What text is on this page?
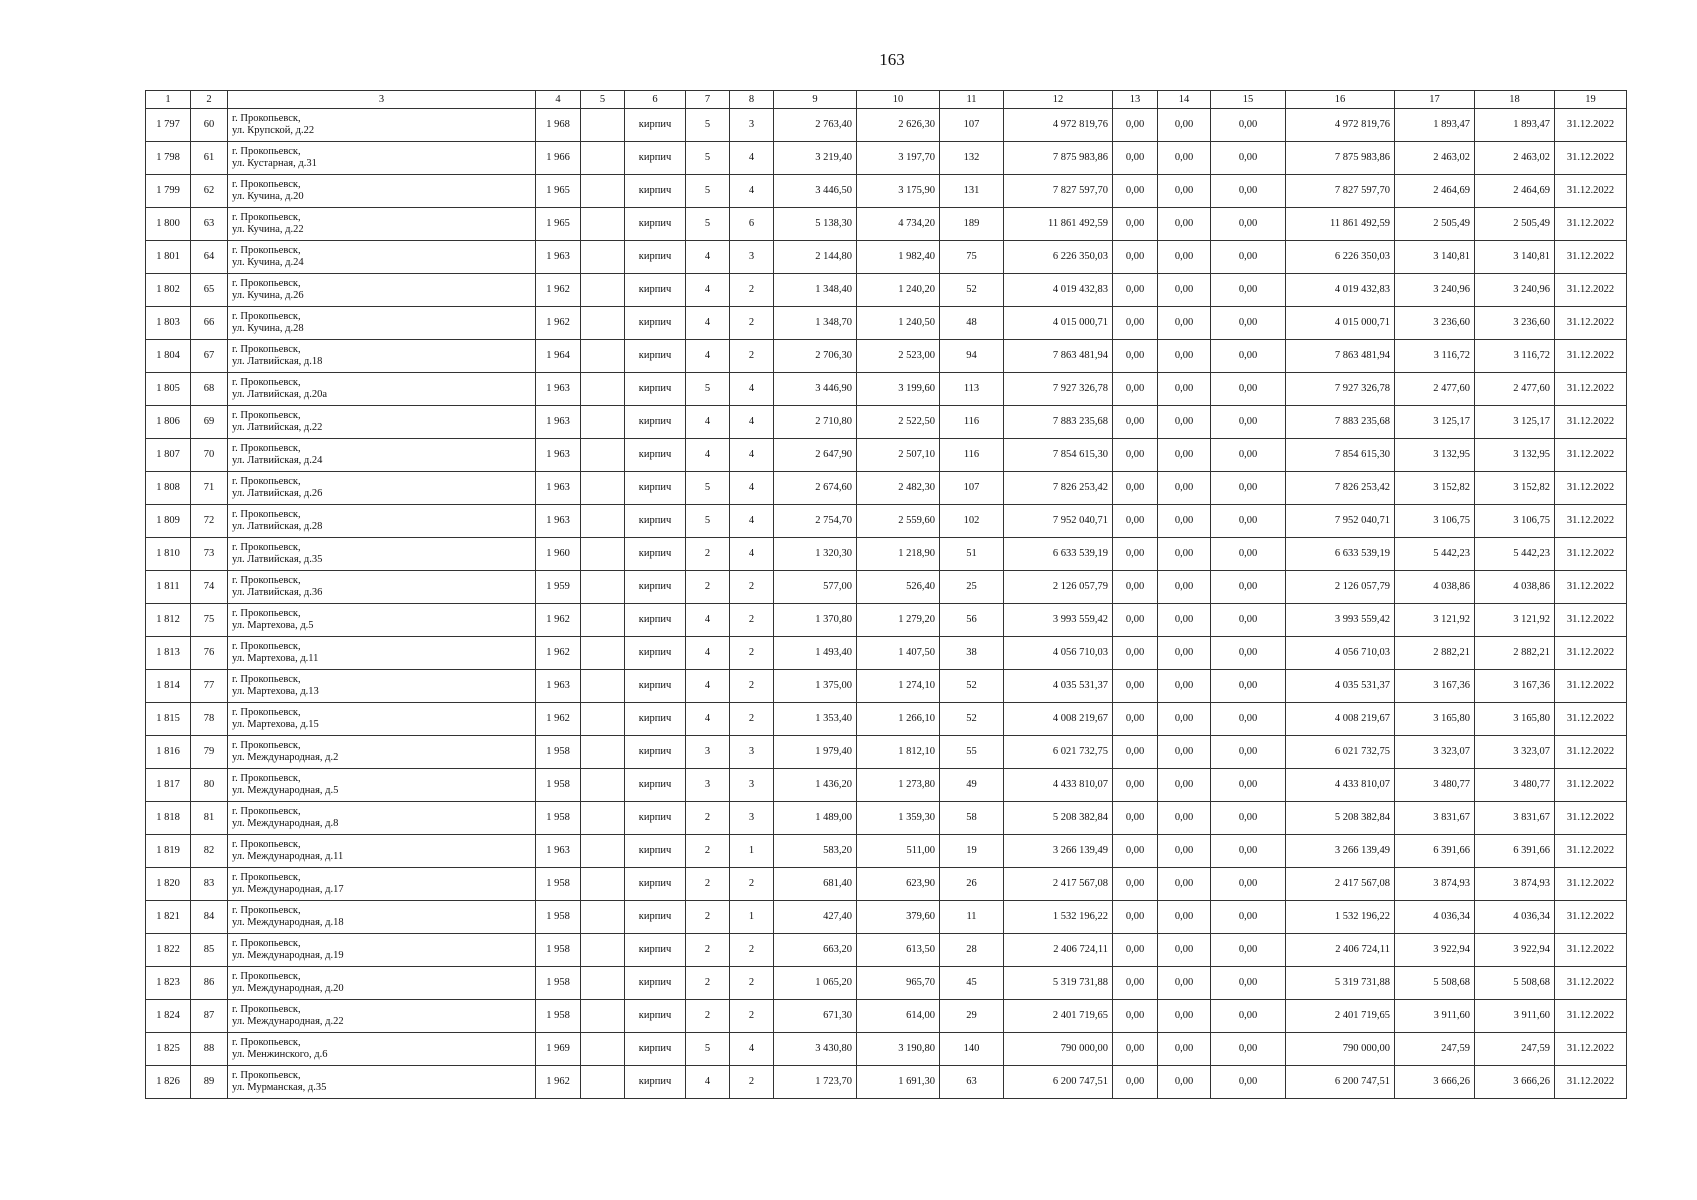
163
1	2	3	4	5	6	7	8	9	10	11	12	13	14	15	16	17	18	19
1 797	60	г. Прокопьевск,
ул. Крупской, д.22	1 968		кирпич	5	3	2 763,40	2 626,30	107	4 972 819,76	0,00	0,00	0,00	4 972 819,76	1 893,47	1 893,47	31.12.2022
1 798	61	г. Прокопьевск,
ул. Кустарная, д.31	1 966		кирпич	5	4	3 219,40	3 197,70	132	7 875 983,86	0,00	0,00	0,00	7 875 983,86	2 463,02	2 463,02	31.12.2022
1 799	62	г. Прокопьевск,
ул. Кучина, д.20	1 965		кирпич	5	4	3 446,50	3 175,90	131	7 827 597,70	0,00	0,00	0,00	7 827 597,70	2 464,69	2 464,69	31.12.2022
1 800	63	г. Прокопьевск,
ул. Кучина, д.22	1 965		кирпич	5	6	5 138,30	4 734,20	189	11 861 492,59	0,00	0,00	0,00	11 861 492,59	2 505,49	2 505,49	31.12.2022
1 801	64	г. Прокопьевск,
ул. Кучина, д.24	1 963		кирпич	4	3	2 144,80	1 982,40	75	6 226 350,03	0,00	0,00	0,00	6 226 350,03	3 140,81	3 140,81	31.12.2022
1 802	65	г. Прокопьевск,
ул. Кучина, д.26	1 962		кирпич	4	2	1 348,40	1 240,20	52	4 019 432,83	0,00	0,00	0,00	4 019 432,83	3 240,96	3 240,96	31.12.2022
1 803	66	г. Прокопьевск,
ул. Кучина, д.28	1 962		кирпич	4	2	1 348,70	1 240,50	48	4 015 000,71	0,00	0,00	0,00	4 015 000,71	3 236,60	3 236,60	31.12.2022
1 804	67	г. Прокопьевск,
ул. Латвийская, д.18	1 964		кирпич	4	2	2 706,30	2 523,00	94	7 863 481,94	0,00	0,00	0,00	7 863 481,94	3 116,72	3 116,72	31.12.2022
1 805	68	г. Прокопьевск,
ул. Латвийская, д.20а	1 963		кирпич	5	4	3 446,90	3 199,60	113	7 927 326,78	0,00	0,00	0,00	7 927 326,78	2 477,60	2 477,60	31.12.2022
1 806	69	г. Прокопьевск,
ул. Латвийская, д.22	1 963		кирпич	4	4	2 710,80	2 522,50	116	7 883 235,68	0,00	0,00	0,00	7 883 235,68	3 125,17	3 125,17	31.12.2022
1 807	70	г. Прокопьевск,
ул. Латвийская, д.24	1 963		кирпич	4	4	2 647,90	2 507,10	116	7 854 615,30	0,00	0,00	0,00	7 854 615,30	3 132,95	3 132,95	31.12.2022
1 808	71	г. Прокопьевск,
ул. Латвийская, д.26	1 963		кирпич	5	4	2 674,60	2 482,30	107	7 826 253,42	0,00	0,00	0,00	7 826 253,42	3 152,82	3 152,82	31.12.2022
1 809	72	г. Прокопьевск,
ул. Латвийская, д.28	1 963		кирпич	5	4	2 754,70	2 559,60	102	7 952 040,71	0,00	0,00	0,00	7 952 040,71	3 106,75	3 106,75	31.12.2022
1 810	73	г. Прокопьевск,
ул. Латвийская, д.35	1 960		кирпич	2	4	1 320,30	1 218,90	51	6 633 539,19	0,00	0,00	0,00	6 633 539,19	5 442,23	5 442,23	31.12.2022
1 811	74	г. Прокопьевск,
ул. Латвийская, д.36	1 959		кирпич	2	2	577,00	526,40	25	2 126 057,79	0,00	0,00	0,00	2 126 057,79	4 038,86	4 038,86	31.12.2022
1 812	75	г. Прокопьевск,
ул. Мартехова, д.5	1 962		кирпич	4	2	1 370,80	1 279,20	56	3 993 559,42	0,00	0,00	0,00	3 993 559,42	3 121,92	3 121,92	31.12.2022
1 813	76	г. Прокопьевск,
ул. Мартехова, д.11	1 962		кирпич	4	2	1 493,40	1 407,50	38	4 056 710,03	0,00	0,00	0,00	4 056 710,03	2 882,21	2 882,21	31.12.2022
1 814	77	г. Прокопьевск,
ул. Мартехова, д.13	1 963		кирпич	4	2	1 375,00	1 274,10	52	4 035 531,37	0,00	0,00	0,00	4 035 531,37	3 167,36	3 167,36	31.12.2022
1 815	78	г. Прокопьевск,
ул. Мартехова, д.15	1 962		кирпич	4	2	1 353,40	1 266,10	52	4 008 219,67	0,00	0,00	0,00	4 008 219,67	3 165,80	3 165,80	31.12.2022
1 816	79	г. Прокопьевск,
ул. Международная, д.2	1 958		кирпич	3	3	1 979,40	1 812,10	55	6 021 732,75	0,00	0,00	0,00	6 021 732,75	3 323,07	3 323,07	31.12.2022
1 817	80	г. Прокопьевск,
ул. Международная, д.5	1 958		кирпич	3	3	1 436,20	1 273,80	49	4 433 810,07	0,00	0,00	0,00	4 433 810,07	3 480,77	3 480,77	31.12.2022
1 818	81	г. Прокопьевск,
ул. Международная, д.8	1 958		кирпич	2	3	1 489,00	1 359,30	58	5 208 382,84	0,00	0,00	0,00	5 208 382,84	3 831,67	3 831,67	31.12.2022
1 819	82	г. Прокопьевск,
ул. Международная, д.11	1 963		кирпич	2	1	583,20	511,00	19	3 266 139,49	0,00	0,00	0,00	3 266 139,49	6 391,66	6 391,66	31.12.2022
1 820	83	г. Прокопьевск,
ул. Международная, д.17	1 958		кирпич	2	2	681,40	623,90	26	2 417 567,08	0,00	0,00	0,00	2 417 567,08	3 874,93	3 874,93	31.12.2022
1 821	84	г. Прокопьевск,
ул. Международная, д.18	1 958		кирпич	2	1	427,40	379,60	11	1 532 196,22	0,00	0,00	0,00	1 532 196,22	4 036,34	4 036,34	31.12.2022
1 822	85	г. Прокопьевск,
ул. Международная, д.19	1 958		кирпич	2	2	663,20	613,50	28	2 406 724,11	0,00	0,00	0,00	2 406 724,11	3 922,94	3 922,94	31.12.2022
1 823	86	г. Прокопьевск,
ул. Международная, д.20	1 958		кирпич	2	2	1 065,20	965,70	45	5 319 731,88	0,00	0,00	0,00	5 319 731,88	5 508,68	5 508,68	31.12.2022
1 824	87	г. Прокопьевск,
ул. Международная, д.22	1 958		кирпич	2	2	671,30	614,00	29	2 401 719,65	0,00	0,00	0,00	2 401 719,65	3 911,60	3 911,60	31.12.2022
1 825	88	г. Прокопьевск,
ул. Менжинского, д.6	1 969		кирпич	5	4	3 430,80	3 190,80	140	790 000,00	0,00	0,00	0,00	790 000,00	247,59	247,59	31.12.2022
1 826	89	г. Прокопьевск,
ул. Мурманская, д.35	1 962		кирпич	4	2	1 723,70	1 691,30	63	6 200 747,51	0,00	0,00	0,00	6 200 747,51	3 666,26	3 666,26	31.12.2022
